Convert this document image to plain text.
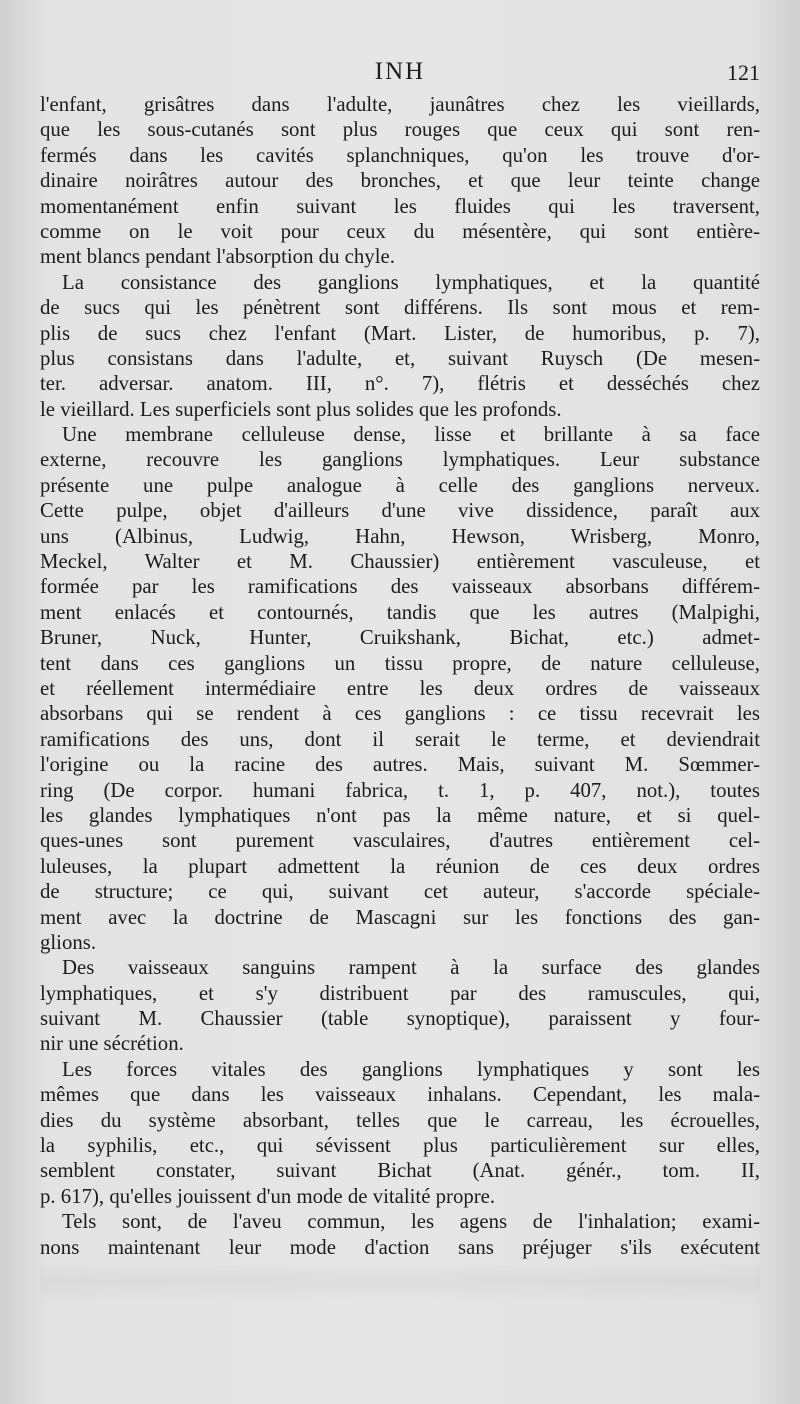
INH	121
l'enfant, grisâtres dans l'adulte, jaunâtres chez les vieillards,
que les sous-cutanés sont plus rouges que ceux qui sont ren-
fermés dans les cavités splanchniques, qu'on les trouve d'or-
dinaire noirâtres autour des bronches, et que leur teinte change
momentanément enfin suivant les fluides qui les traversent,
comme on le voit pour ceux du mésentère, qui sont entière-
ment blancs pendant l'absorption du chyle.
La consistance des ganglions lymphatiques, et la quantité
de sucs qui les pénètrent sont différens. Ils sont mous et rem-
plis de sucs chez l'enfant (Mart. Lister, de humoribus, p. 7),
plus consistans dans l'adulte, et, suivant Ruysch (De mesen-
ter. adversar. anatom. III, n°. 7), flétris et desséchés chez
le vieillard. Les superficiels sont plus solides que les profonds.
Une membrane celluleuse dense, lisse et brillante à sa face
externe, recouvre les ganglions lymphatiques. Leur substance
présente une pulpe analogue à celle des ganglions nerveux.
Cette pulpe, objet d'ailleurs d'une vive dissidence, paraît aux
uns (Albinus, Ludwig, Hahn, Hewson, Wrisberg, Monro,
Meckel, Walter et M. Chaussier) entièrement vasculeuse, et
formée par les ramifications des vaisseaux absorbans différem-
ment enlacés et contournés, tandis que les autres (Malpighi,
Bruner, Nuck, Hunter, Cruikshank, Bichat, etc.) admet-
tent dans ces ganglions un tissu propre, de nature celluleuse,
et réellement intermédiaire entre les deux ordres de vaisseaux
absorbans qui se rendent à ces ganglions : ce tissu recevrait les
ramifications des uns, dont il serait le terme, et deviendrait
l'origine ou la racine des autres. Mais, suivant M. Sœmmer-
ring (De corpor. humani fabrica, t. 1, p. 407, not.), toutes
les glandes lymphatiques n'ont pas la même nature, et si quel-
ques-unes sont purement vasculaires, d'autres entièrement cel-
luleuses, la plupart admettent la réunion de ces deux ordres
de structure; ce qui, suivant cet auteur, s'accorde spéciale-
ment avec la doctrine de Mascagni sur les fonctions des gan-
glions.
Des vaisseaux sanguins rampent à la surface des glandes
lymphatiques, et s'y distribuent par des ramuscules, qui,
suivant M. Chaussier (table synoptique), paraissent y four-
nir une sécrétion.
Les forces vitales des ganglions lymphatiques y sont les
mêmes que dans les vaisseaux inhalans. Cependant, les mala-
dies du système absorbant, telles que le carreau, les écrouelles,
la syphilis, etc., qui sévissent plus particulièrement sur elles,
semblent constater, suivant Bichat (Anat. génér., tom. II,
p. 617), qu'elles jouissent d'un mode de vitalité propre.
Tels sont, de l'aveu commun, les agens de l'inhalation; exami-
nons maintenant leur mode d'action sans préjuger s'ils exécutent
